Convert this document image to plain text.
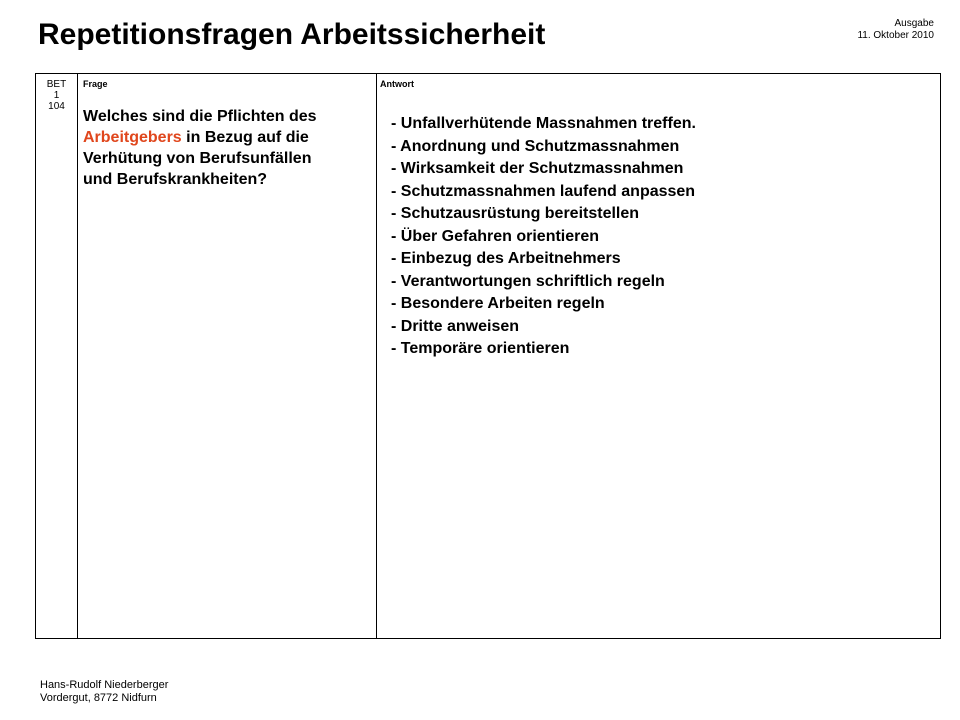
Repetitionsfragen Arbeitssicherheit	Ausgabe
11. Oktober 2010
BET
1
104
Frage
Welches sind die Pflichten des Arbeitgebers in Bezug auf die Verhütung von Berufsunfällen und Berufskrankheiten?
Antwort
- Unfallverhütende Massnahmen treffen.
- Anordnung und Schutzmassnahmen
- Wirksamkeit der Schutzmassnahmen
- Schutzmassnahmen laufend anpassen
- Schutzausrüstung bereitstellen
- Über Gefahren orientieren
- Einbezug des Arbeitnehmers
- Verantwortungen schriftlich regeln
- Besondere Arbeiten regeln
- Dritte anweisen
- Temporäre orientieren
Hans-Rudolf Niederberger
Vordergut, 8772 Nidfurn
